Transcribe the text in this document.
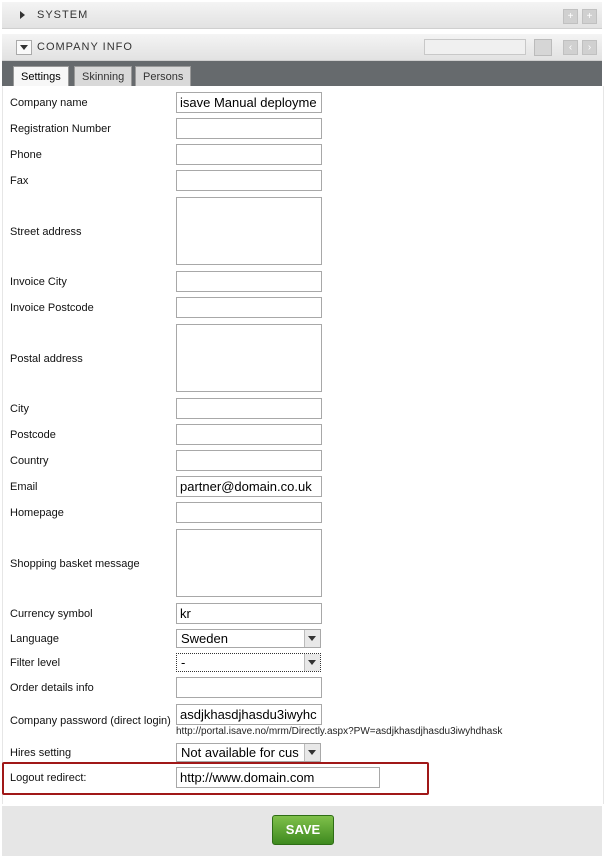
SYSTEM	+	+
COMPANY INFO	‹	›
Settings	Skinning	Persons
Company name	isave Manual deployme
Registration Number
Phone
Fax
Street address
Invoice City
Invoice Postcode
Postal address
City
Postcode
Country
Email	partner@domain.co.uk
Homepage
Shopping basket message
Currency symbol	kr
Language	Sweden
Filter level	-
Order details info
Company password (direct login) asdjkhasdjhasdu3iwyhc
http://portal.isave.no/mrm/Directly.aspx?PW=asdjkhasdjhasdu3iwyhdhask
Hires setting	Not available for cus
Logout redirect:	http://www.domain.com
SAVE
